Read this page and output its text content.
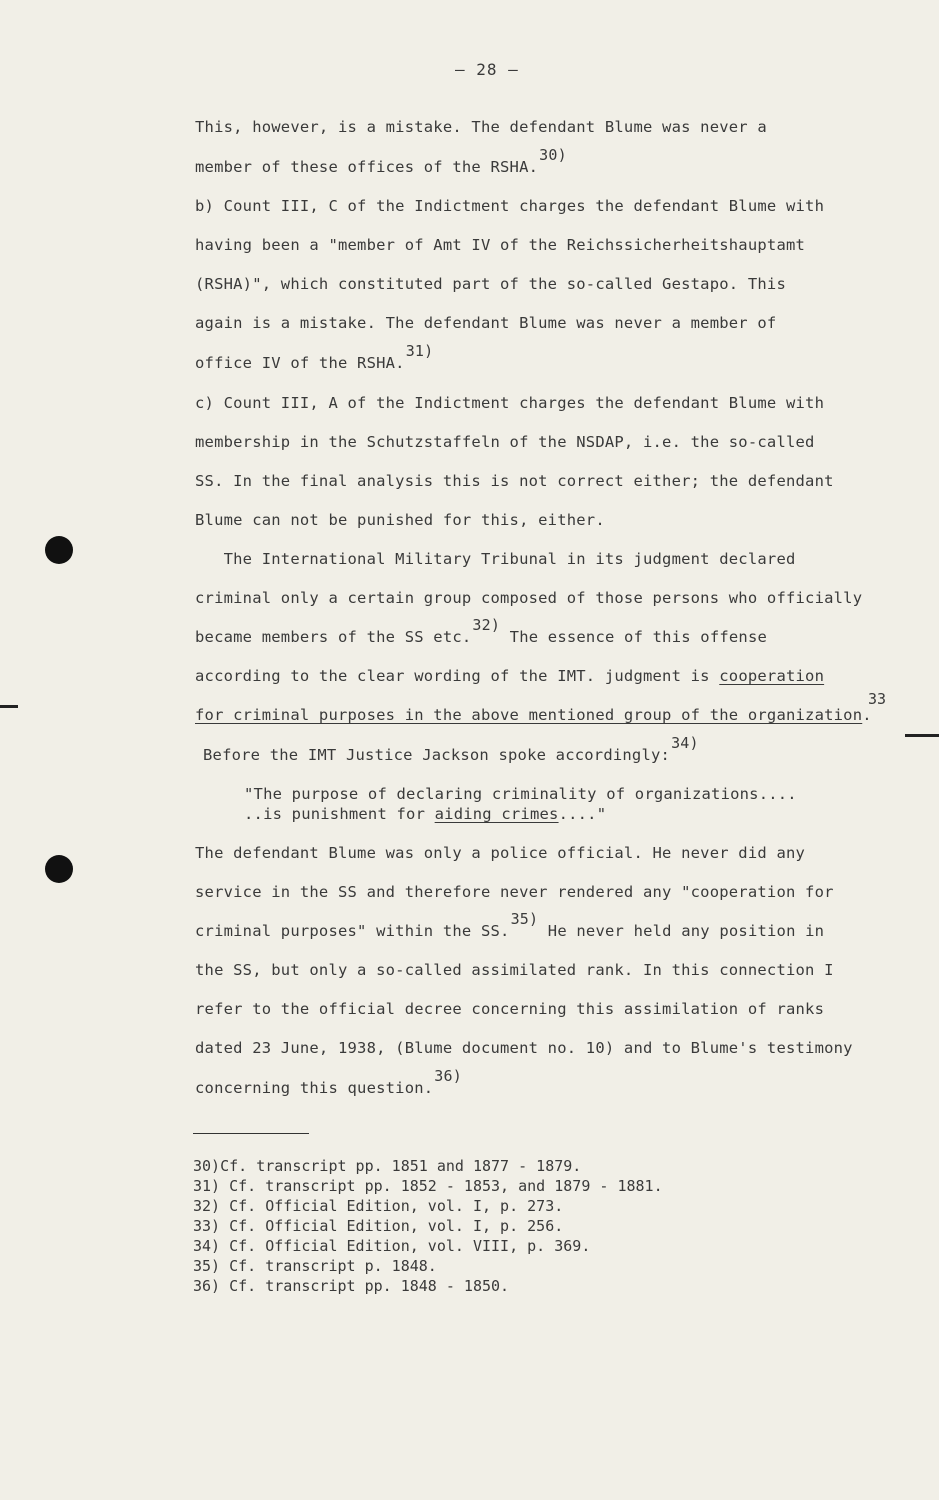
– 28 –
This, however, is a mistake. The defendant Blume was never a
member of these offices of the RSHA.30)
b) Count III, C of the Indictment charges the defendant Blume with
having been a "member of Amt IV of the Reichssicherheitshauptamt
(RSHA)", which constituted part of the so-called Gestapo. This
again is a mistake. The defendant Blume was never a member of
office IV of the RSHA.31)
c) Count III, A of the Indictment charges the defendant Blume with
membership in the Schutzstaffeln of the NSDAP, i.e. the so-called
SS. In the final analysis this is not correct either; the defendant
Blume can not be punished for this, either.
The International Military Tribunal in its judgment declared
criminal only a certain group composed of those persons who officially
became members of the SS etc.32) The essence of this offense
according to the clear wording of the IMT. judgment is cooperation
for criminal purposes in the above mentioned group of the organization.
33
Before the IMT Justice Jackson spoke accordingly:34)
"The purpose of declaring criminality of organizations....
..is punishment for aiding crimes...."
The defendant Blume was only a police official. He never did any
service in the SS and therefore never rendered any "cooperation for
criminal purposes" within the SS.35) He never held any position in
the SS, but only a so-called assimilated rank. In this connection I
refer to the official decree concerning this assimilation of ranks
dated 23 June, 1938, (Blume document no. 10) and to Blume's testimony
concerning this question.36)
30)Cf. transcript pp. 1851 and 1877 - 1879.
31) Cf. transcript pp. 1852 - 1853, and 1879 - 1881.
32) Cf. Official Edition, vol. I, p. 273.
33) Cf. Official Edition, vol. I, p. 256.
34) Cf. Official Edition, vol. VIII, p. 369.
35) Cf. transcript p. 1848.
36) Cf. transcript pp. 1848 - 1850.
